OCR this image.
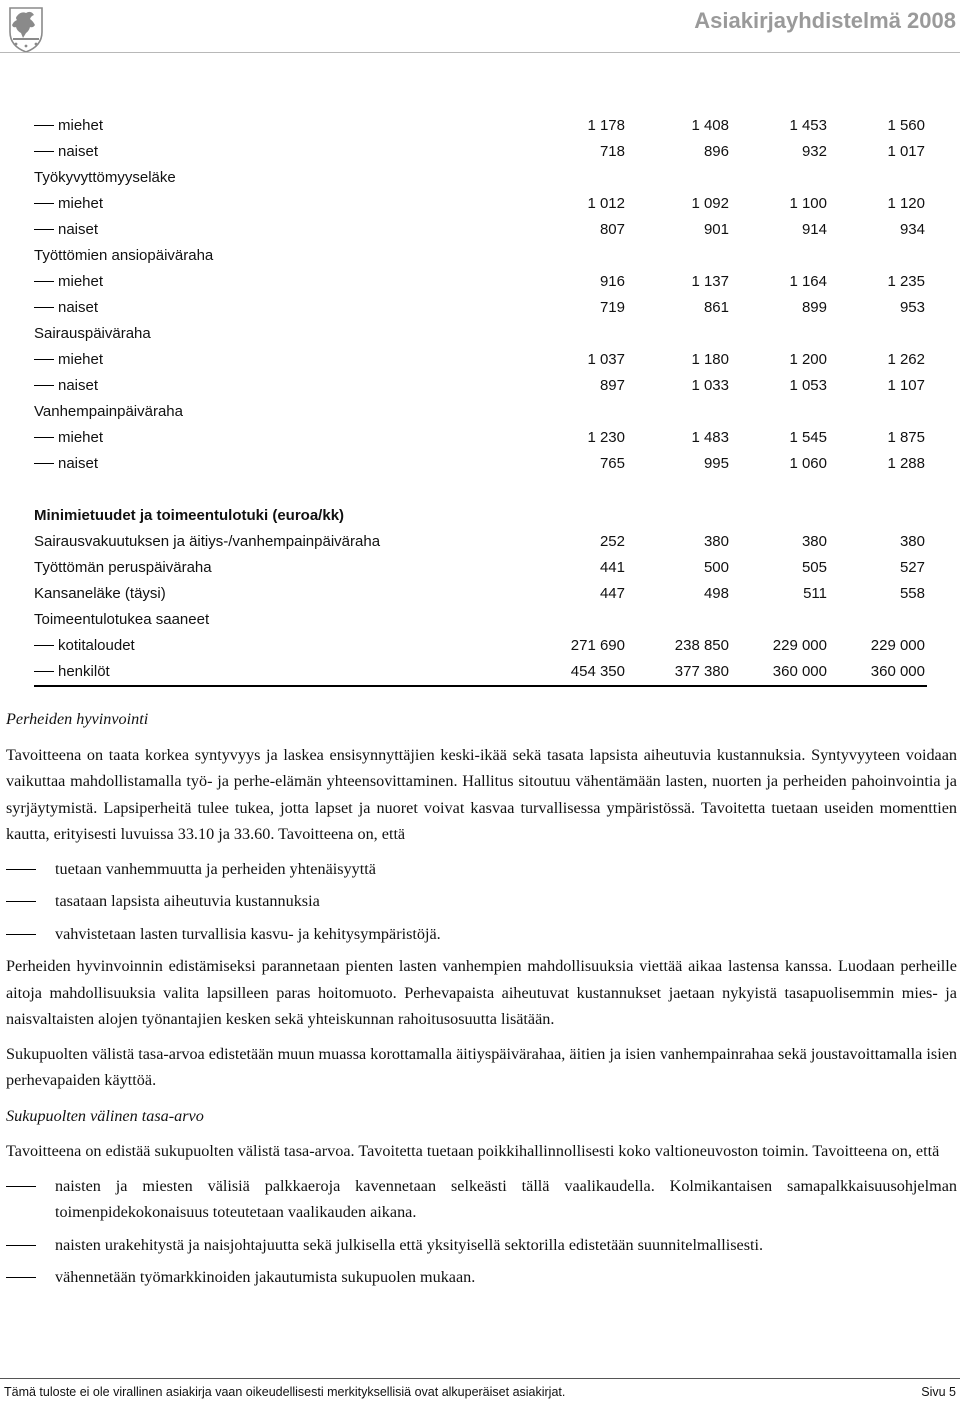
Asiakirjayhdistelmä 2008
miehet	1 178	1 408	1 453	1 560
naiset	718	896	932	1 017
Työkyvyttömyyseläke				
miehet	1 012	1 092	1 100	1 120
naiset	807	901	914	934
Työttömien ansiopäiväraha				
miehet	916	1 137	1 164	1 235
naiset	719	861	899	953
Sairauspäiväraha				
miehet	1 037	1 180	1 200	1 262
naiset	897	1 033	1 053	1 107
Vanhempainpäiväraha				
miehet	1 230	1 483	1 545	1 875
naiset	765	995	1 060	1 288

Minimietuudet ja toimeentulotuki (euroa/kk)				
Sairausvakuutuksen ja äitiys-/vanhempainpäiväraha	252	380	380	380
Työttömän peruspäiväraha	441	500	505	527
Kansaneläke (täysi)	447	498	511	558
Toimeentulotukea saaneet				
kotitaloudet	271 690	238 850	229 000	229 000
henkilöt	454 350	377 380	360 000	360 000

Perheiden hyvinvointi

Tavoitteena on taata korkea syntyvyys ja laskea ensisynnyttäjien keski-ikää sekä tasata lapsista aiheutuvia kustannuksia. Syntyvyyteen voidaan vaikuttaa mahdollistamalla työ- ja perhe-elämän yhteensovittaminen. Hallitus sitoutuu vähentämään lasten, nuorten ja perheiden pahoinvointia ja syrjäytymistä. Lapsiperheitä tulee tukea, jotta lapset ja nuoret voivat kasvaa turvallisessa ympäristössä. Tavoitetta tuetaan useiden momenttien kautta, erityisesti luvuissa 33.10 ja 33.60. Tavoitteena on, että

tuetaan vanhemmuutta ja perheiden yhtenäisyyttä
tasataan lapsista aiheutuvia kustannuksia
vahvistetaan lasten turvallisia kasvu- ja kehitysympäristöjä.

Perheiden hyvinvoinnin edistämiseksi parannetaan pienten lasten vanhempien mahdollisuuksia viettää aikaa lastensa kanssa. Luodaan perheille aitoja mahdollisuuksia valita lapsilleen paras hoitomuoto. Perhevapaista aiheutuvat kustannukset jaetaan nykyistä tasapuolisemmin mies- ja naisvaltaisten alojen työnantajien kesken sekä yhteiskunnan rahoitusosuutta lisätään.

Sukupuolten välistä tasa-arvoa edistetään muun muassa korottamalla äitiyspäivärahaa, äitien ja isien vanhempainrahaa sekä joustavoittamalla isien perhevapaiden käyttöä.

Sukupuolten välinen tasa-arvo

Tavoitteena on edistää sukupuolten välistä tasa-arvoa. Tavoitetta tuetaan poikkihallinnollisesti koko valtioneuvoston toimin. Tavoitteena on, että

naisten ja miesten välisiä palkkaeroja kavennetaan selkeästi tällä vaalikaudella. Kolmikantaisen samapalkkaisuusohjelman toimenpidekokonaisuus toteutetaan vaalikauden aikana.
naisten urakehitystä ja naisjohtajuutta sekä julkisella että yksityisellä sektorilla edistetään suunnitelmallisesti.
vähennetään työmarkkinoiden jakautumista sukupuolen mukaan.
Tämä tuloste ei ole virallinen asiakirja vaan oikeudellisesti merkityksellisiä ovat alkuperäiset asiakirjat.	Sivu 5
